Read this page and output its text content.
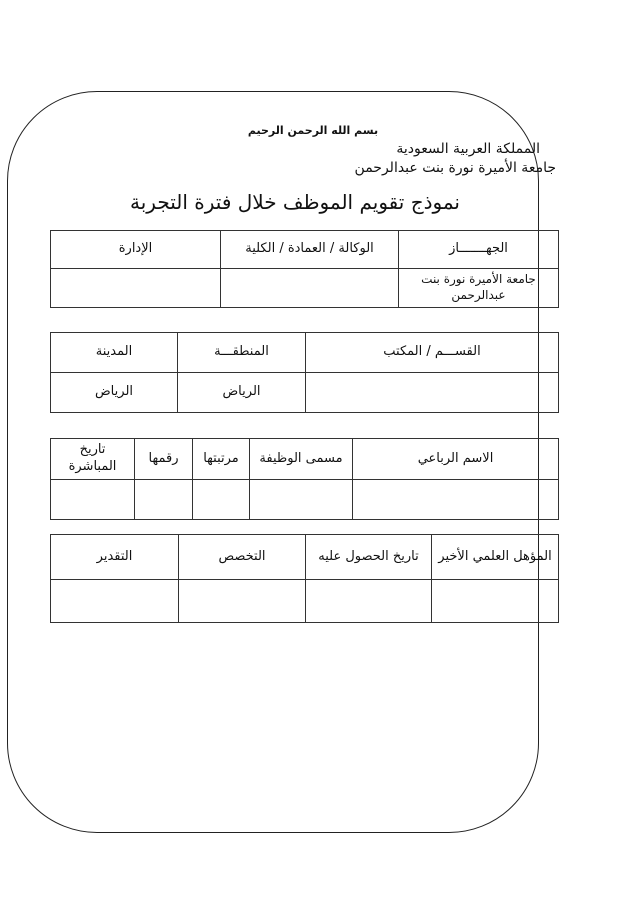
بسم الله الرحمن الرحيم
المملكة العربية السعودية
جامعة الأميرة نورة بنت عبدالرحمن
نموذج تقويم الموظف خلال فترة التجربة
الجهـــــــاز	الوكالة / العمادة / الكلية	الإدارة
جامعة الأميرة نورة بنت عبدالرحمن		
القســـم / المكتب	المنطقـــة	المدينة
	الرياض	الرياض
الاسم الرباعي	مسمى الوظيفة	مرتبتها	رقمها	تاريخ المباشرة

المؤهل العلمي الأخير	تاريخ الحصول عليه	التخصص	التقدير
